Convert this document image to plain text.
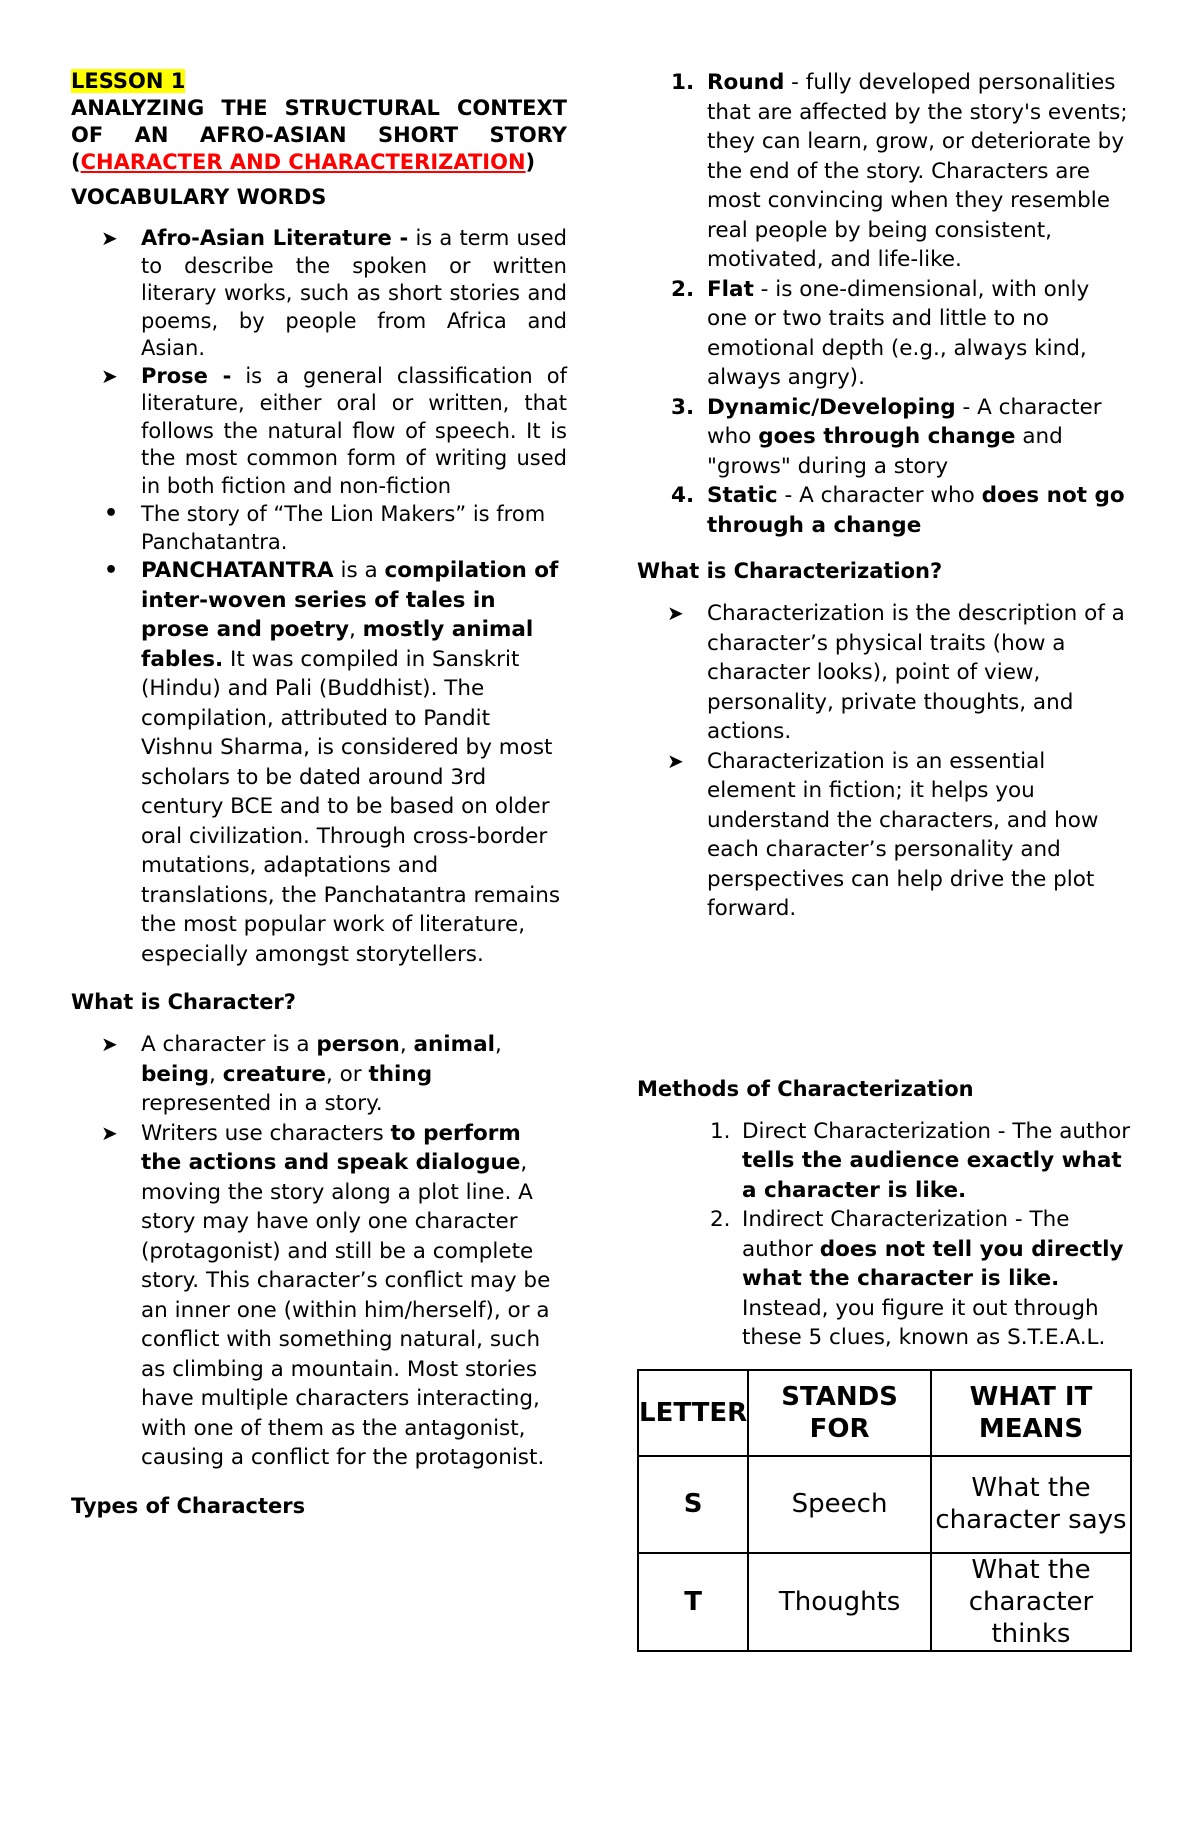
LESSON 1
ANALYZING THE STRUCTURAL CONTEXT OF AN AFRO-ASIAN SHORT STORY (CHARACTER AND CHARACTERIZATION)
VOCABULARY WORDS
➤ Afro-Asian Literature - is a term used to describe the spoken or written literary works, such as short stories and poems, by people from Africa and Asian.
➤ Prose - is a general classification of literature, either oral or written, that follows the natural flow of speech. It is the most common form of writing used in both fiction and non-fiction
• The story of “The Lion Makers” is from Panchatantra.
• PANCHATANTRA is a compilation of inter-woven series of tales in prose and poetry, mostly animal fables. It was compiled in Sanskrit (Hindu) and Pali (Buddhist). The compilation, attributed to Pandit Vishnu Sharma, is considered by most scholars to be dated around 3rd century BCE and to be based on older oral civilization. Through cross-border mutations, adaptations and translations, the Panchatantra remains the most popular work of literature, especially amongst storytellers.
What is Character?
➤ A character is a person, animal, being, creature, or thing represented in a story.
➤ Writers use characters to perform the actions and speak dialogue, moving the story along a plot line. A story may have only one character (protagonist) and still be a complete story. This character’s conflict may be an inner one (within him/herself), or a conflict with something natural, such as climbing a mountain. Most stories have multiple characters interacting, with one of them as the antagonist, causing a conflict for the protagonist.
Types of Characters
1. Round - fully developed personalities that are affected by the story's events; they can learn, grow, or deteriorate by the end of the story. Characters are most convincing when they resemble real people by being consistent, motivated, and life-like.
2. Flat - is one-dimensional, with only one or two traits and little to no emotional depth (e.g., always kind, always angry).
3. Dynamic/Developing - A character who goes through change and "grows" during a story
4. Static - A character who does not go through a change
What is Characterization?
➤ Characterization is the description of a character’s physical traits (how a character looks), point of view, personality, private thoughts, and actions.
➤ Characterization is an essential element in fiction; it helps you understand the characters, and how each character’s personality and perspectives can help drive the plot forward.
Methods of Characterization
1. Direct Characterization - The author tells the audience exactly what a character is like.
2. Indirect Characterization - The author does not tell you directly what the character is like. Instead, you figure it out through these 5 clues, known as S.T.E.A.L.
LETTER	STANDS FOR	WHAT IT MEANS
S	Speech	What the character says
T	Thoughts	What the character thinks
